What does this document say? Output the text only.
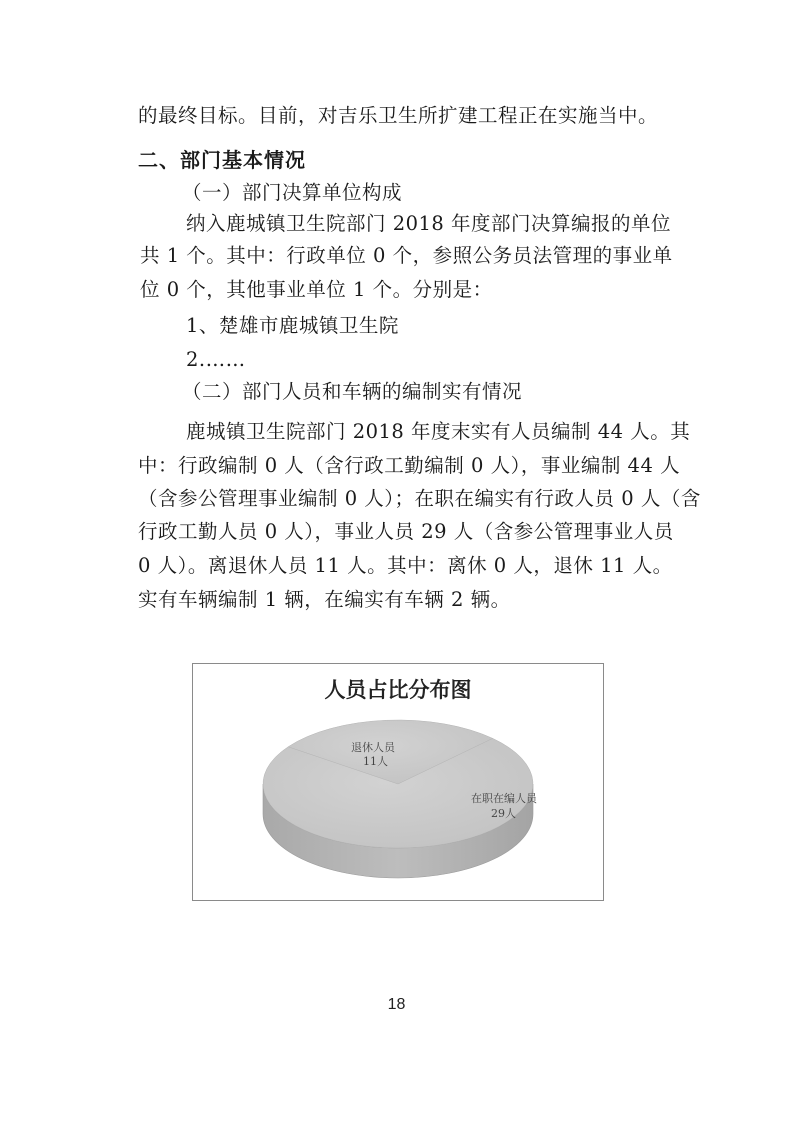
的最终目标。目前，对吉乐卫生所扩建工程正在实施当中。
二、部门基本情况
（一）部门决算单位构成
纳入鹿城镇卫生院部门 2018 年度部门决算编报的单位
共 1 个。其中：行政单位 0 个，参照公务员法管理的事业单
位 0 个，其他事业单位 1 个。分别是：
1、楚雄市鹿城镇卫生院
2.……
（二）部门人员和车辆的编制实有情况
鹿城镇卫生院部门 2018 年度末实有人员编制 44 人。其
中：行政编制 0 人（含行政工勤编制 0 人），事业编制 44 人
（含参公管理事业编制 0 人）；在职在编实有行政人员 0 人（含
行政工勤人员 0 人），事业人员 29 人（含参公管理事业人员
0 人）。离退休人员 11 人。其中：离休 0 人，退休 11 人。
实有车辆编制 1 辆，在编实有车辆 2 辆。
人员占比分布图
退休人员
11人
在职在编人员
29人
18
